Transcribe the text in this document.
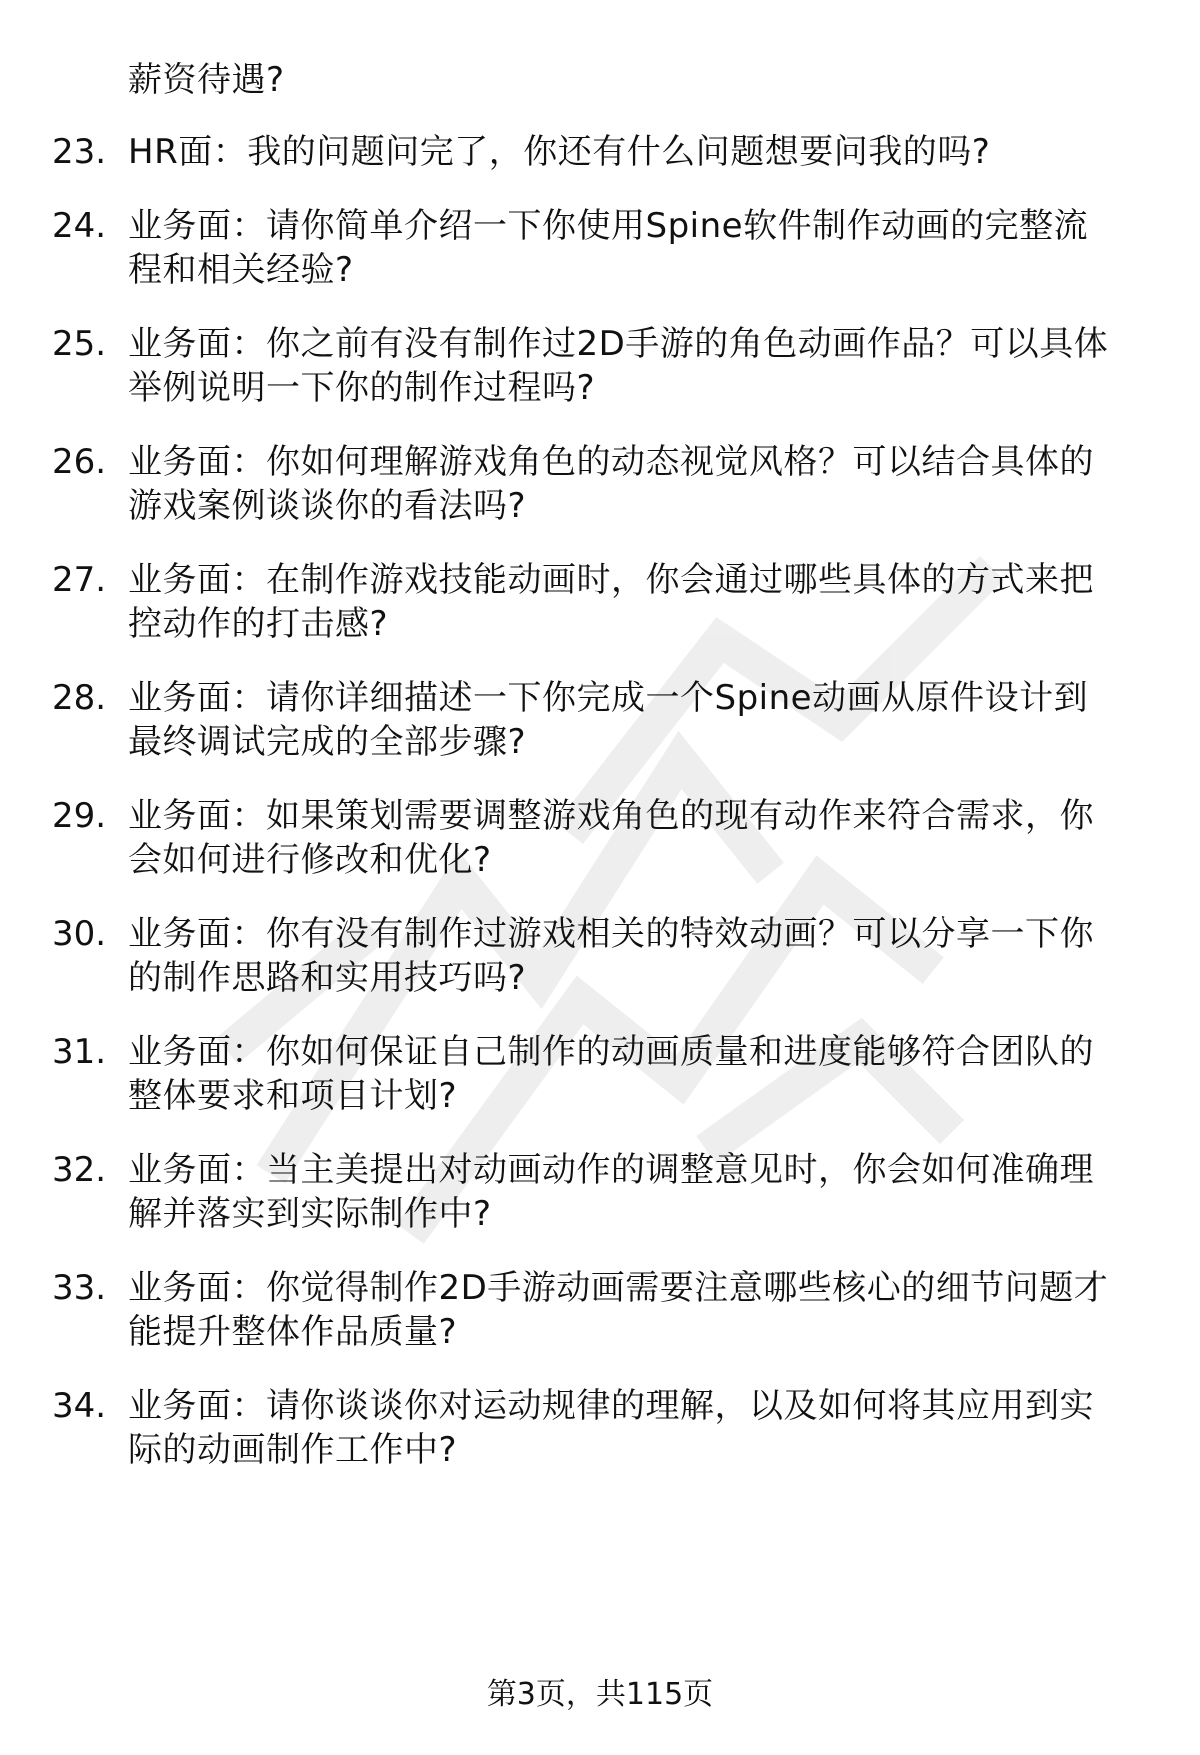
薪资待遇?
23. HR面：我的问题问完了，你还有什么问题想要问我的吗?
24. 业务面：请你简单介绍一下你使用Spine软件制作动画的完整流
程和相关经验?
25. 业务面：你之前有没有制作过2D手游的角色动画作品？可以具体
举例说明一下你的制作过程吗?
26. 业务面：你如何理解游戏角色的动态视觉风格？可以结合具体的
游戏案例谈谈你的看法吗?
27. 业务面：在制作游戏技能动画时，你会通过哪些具体的方式来把
控动作的打击感?
28. 业务面：请你详细描述一下你完成一个Spine动画从原件设计到
最终调试完成的全部步骤?
29. 业务面：如果策划需要调整游戏角色的现有动作来符合需求，你
会如何进行修改和优化?
30. 业务面：你有没有制作过游戏相关的特效动画？可以分享一下你
的制作思路和实用技巧吗?
31. 业务面：你如何保证自己制作的动画质量和进度能够符合团队的
整体要求和项目计划?
32. 业务面：当主美提出对动画动作的调整意见时，你会如何准确理
解并落实到实际制作中?
33. 业务面：你觉得制作2D手游动画需要注意哪些核心的细节问题才
能提升整体作品质量?
34. 业务面：请你谈谈你对运动规律的理解，以及如何将其应用到实
际的动画制作工作中?
第3页，共115页
